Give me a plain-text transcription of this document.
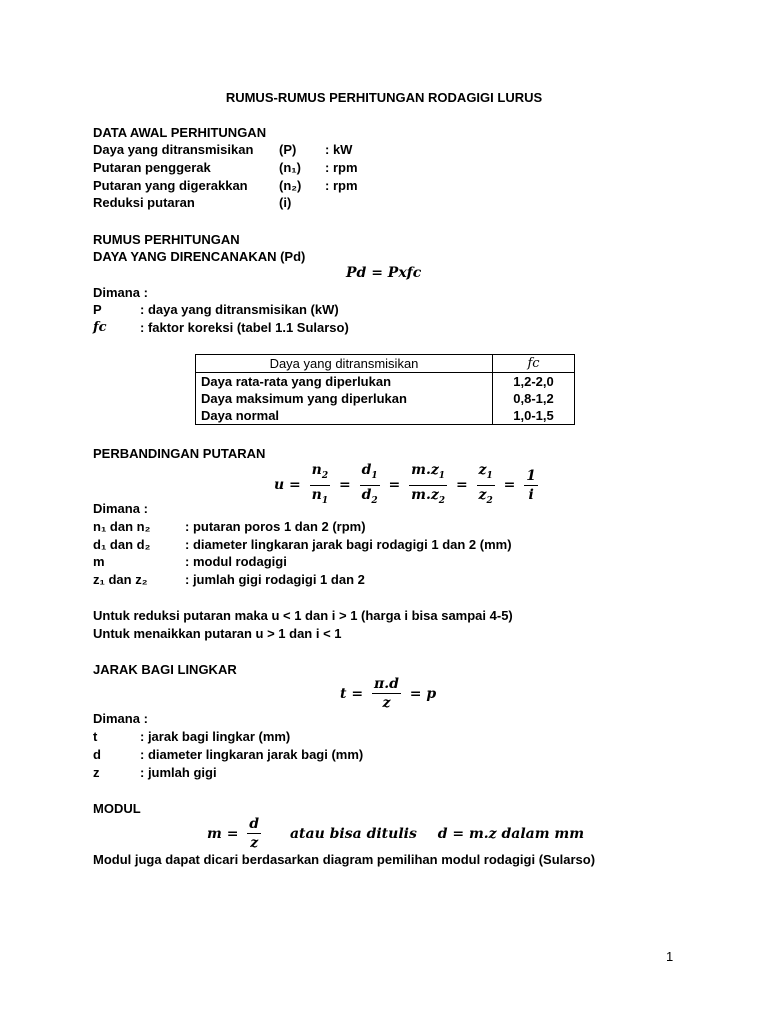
RUMUS-RUMUS PERHITUNGAN RODAGIGI LURUS
DATA AWAL PERHITUNGAN
Daya yang ditransmisikan (P) : kW
Putaran penggerak	(n₁) : rpm
Putaran yang digerakkan (n₂) : rpm
Reduksi putaran	(i)
RUMUS PERHITUNGAN
DAYA YANG DIRENCANAKAN (Pd)
Pd = Pxfc
Dimana :
P	: daya yang ditransmisikan (kW)
fc	: faktor koreksi (tabel 1.1 Sularso)
Daya yang ditransmisikan	fc
Daya rata-rata yang diperlukan	1,2-2,0
Daya maksimum yang diperlukan	0,8-1,2
Daya normal	1,0-1,5
PERBANDINGAN PUTARAN
$u = \frac{n_2}{n_1} = \frac{d_1}{d_2} = \frac{m.z_1}{m.z_2} = \frac{z_1}{z_2} = \frac{1}{i}$
Dimana :
n₁ dan n₂	: putaran poros 1 dan 2 (rpm)
d₁ dan d₂	: diameter lingkaran jarak bagi rodagigi 1 dan 2 (mm)
m	: modul rodagigi
z₁ dan z₂	: jumlah gigi rodagigi 1 dan 2
Untuk reduksi putaran maka u < 1 dan i > 1 (harga i bisa sampai 4-5)
Untuk menaikkan putaran u > 1 dan i < 1
JARAK BAGI LINGKAR
$t = \frac{\pi.d}{z} = p$
Dimana :
t	: jarak bagi lingkar (mm)
d	: diameter lingkaran jarak bagi (mm)
z	: jumlah gigi
MODUL
$m = \frac{d}{z}$ atau bisa ditulis d = m.z dalam mm
Modul juga dapat dicari berdasarkan diagram pemilihan modul rodagigi (Sularso)
1
